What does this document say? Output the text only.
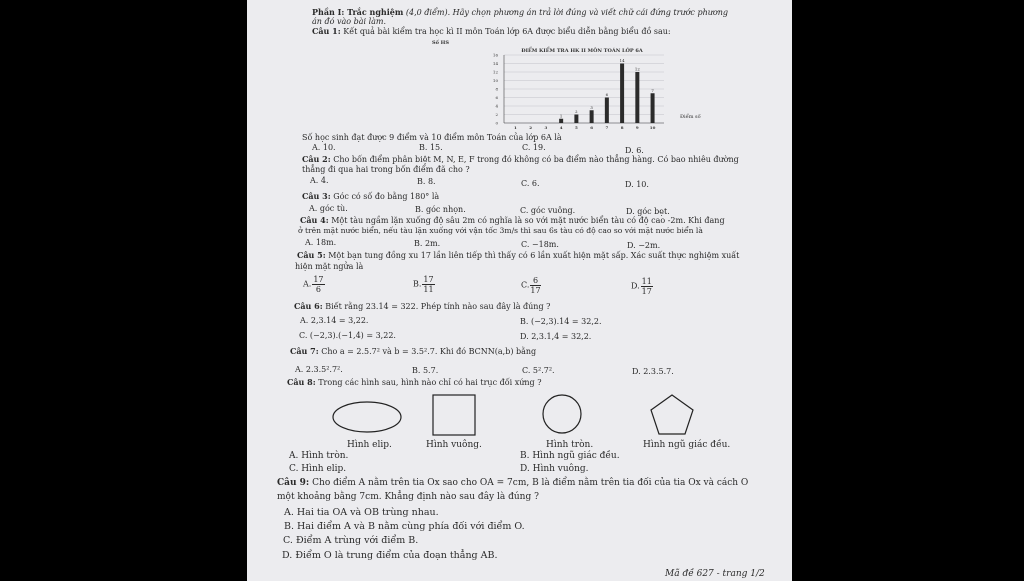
Phần I: Trắc nghiệm (4,0 điểm). Hãy chọn phương án trả lời đúng và viết chữ cái đứng trước phương
án đó vào bài làm.
Câu 1: Kết quả bài kiểm tra học kì II môn Toán lớp 6A được biểu diễn bằng biểu đồ sau:
Số HS
ĐIỂM KIỂM TRA HK II MÔN TOÁN LỚP 6A
Điểm số
1
2
3
6
14
12
7
0
2
4
6
8
10
12
14
16
1	2	3	4	5	6	7	8	9	10
Số học sinh đạt được 9 điểm và 10 điểm môn Toán của lớp 6A là
A. 10.	B. 15.	C. 19.	D. 6.
Câu 2: Cho bốn điểm phân biệt M, N, E, F trong đó không có ba điểm nào thẳng hàng. Có bao nhiêu đường
thẳng đi qua hai trong bốn điểm đã cho ?
A. 4.	B. 8.	C. 6.	D. 10.
Câu 3: Góc có số đo bằng 180° là
A. góc tù.	B. góc nhọn.	C. góc vuông.	D. góc bẹt.
Câu 4: Một tàu ngầm lặn xuống độ sâu 2m có nghĩa là so với mặt nước biển tàu có độ cao -2m. Khi đang
ở trên mặt nước biển, nếu tàu lặn xuống với vận tốc 3m/s thì sau 6s tàu có độ cao so với mặt nước biển là
A. 18m.	B. 2m.	C. −18m.	D. −2m.
Câu 5: Một bạn tung đồng xu 17 lần liên tiếp thì thấy có 6 lần xuất hiện mặt sấp. Xác suất thực nghiệm xuất
hiện mặt ngửa là
A. $\frac{17}{6}$	B. $\frac{17}{11}$	C. $\frac{6}{17}$	D. $\frac{11}{17}$
Câu 6: Biết rằng 23.14 = 322. Phép tính nào sau đây là đúng ?
A. 2,3.14 = 3,22.	B. (−2,3).14 = 32,2.
C. (−2,3).(−1,4) = 3,22.	D. 2,3.1,4 = 32,2.
Câu 7: Cho a = 2.5.7² và b = 3.5².7. Khi đó BCNN(a,b) bằng
A. 2.3.5².7².	B. 5.7.	C. 5².7².	D. 2.3.5.7.
Câu 8: Trong các hình sau, hình nào chỉ có hai trục đối xứng ?
Hình elip.	Hình vuông.	Hình tròn.	Hình ngũ giác đều.
A. Hình tròn.	B. Hình ngũ giác đều.
C. Hình elip.	D. Hình vuông.
Câu 9: Cho điểm A nằm trên tia Ox sao cho OA = 7cm, B là điểm nằm trên tia đối của tia Ox và cách O
một khoảng bằng 7cm. Khẳng định nào sau đây là đúng ?
A. Hai tia OA và OB trùng nhau.
B. Hai điểm A và B nằm cùng phía đối với điểm O.
C. Điểm A trùng với điểm B.
D. Điểm O là trung điểm của đoạn thẳng AB.
Mã đề 627 - trang 1/2
